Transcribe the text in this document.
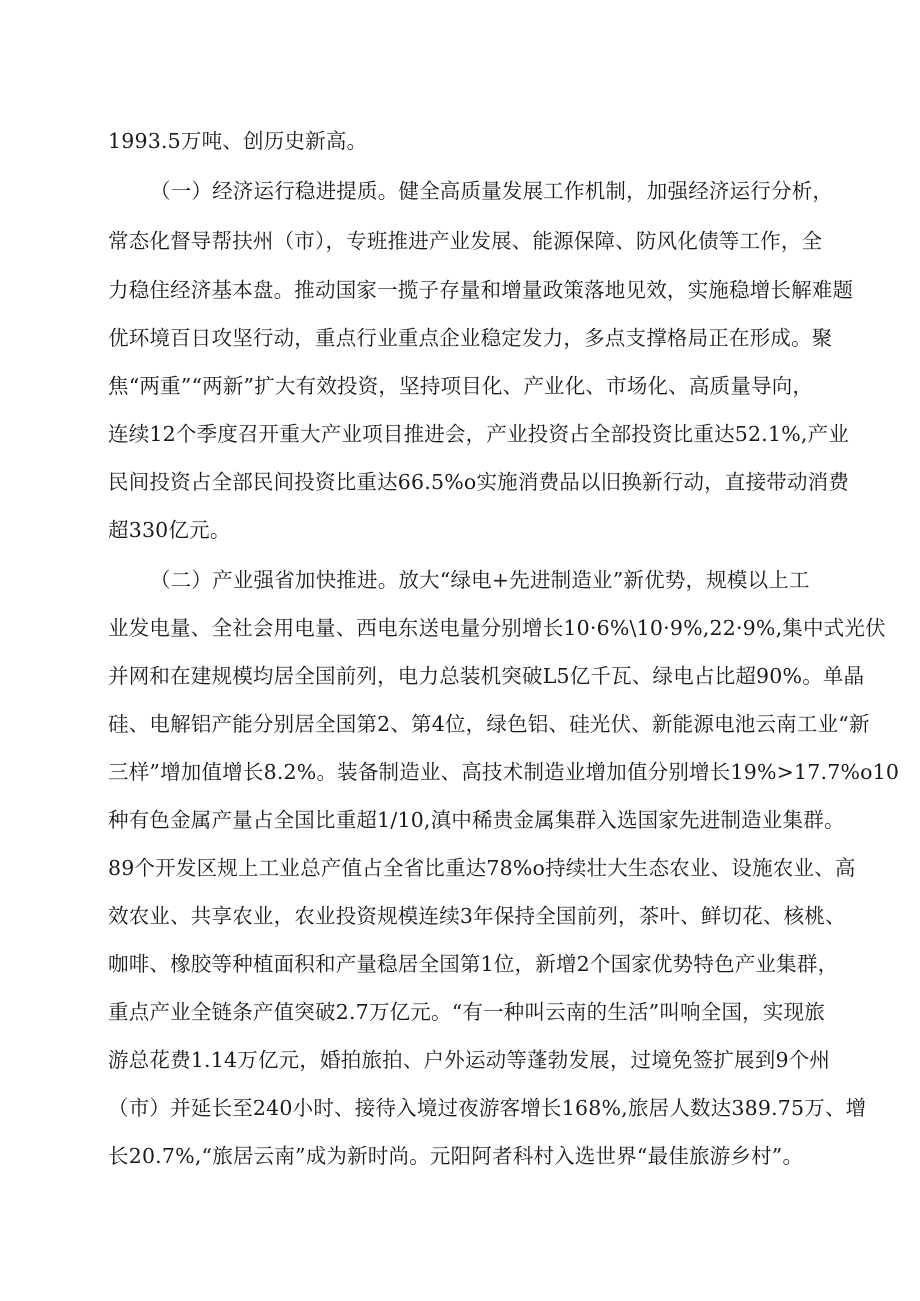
1993.5万吨、创历史新高。
（一）经济运行稳进提质。健全高质量发展工作机制，加强经济运行分析，
常态化督导帮扶州（市），专班推进产业发展、能源保障、防风化债等工作，全
力稳住经济基本盘。推动国家一揽子存量和增量政策落地见效，实施稳增长解难题
优环境百日攻坚行动，重点行业重点企业稳定发力，多点支撑格局正在形成。聚
焦“两重”“两新”扩大有效投资，坚持项目化、产业化、市场化、高质量导向，
连续12个季度召开重大产业项目推进会，产业投资占全部投资比重达52.1%,产业
民间投资占全部民间投资比重达66.5%o实施消费品以旧换新行动，直接带动消费
超330亿元。
（二）产业强省加快推进。放大“绿电+先进制造业”新优势，规模以上工
业发电量、全社会用电量、西电东送电量分别增长10·6%\10·9%,22·9%,集中式光伏
并网和在建规模均居全国前列，电力总装机突破L5亿千瓦、绿电占比超90%。单晶
硅、电解铝产能分别居全国第2、第4位，绿色铝、硅光伏、新能源电池云南工业“新
三样”增加值增长8.2%。装备制造业、高技术制造业增加值分别增长19%>17.7%o10
种有色金属产量占全国比重超1/10,滇中稀贵金属集群入选国家先进制造业集群。
89个开发区规上工业总产值占全省比重达78%o持续壮大生态农业、设施农业、高
效农业、共享农业，农业投资规模连续3年保持全国前列，茶叶、鲜切花、核桃、
咖啡、橡胶等种植面积和产量稳居全国第1位，新增2个国家优势特色产业集群，
重点产业全链条产值突破2.7万亿元。“有一种叫云南的生活”叫响全国，实现旅
游总花费1.14万亿元，婚拍旅拍、户外运动等蓬勃发展，过境免签扩展到9个州
（市）并延长至240小时、接待入境过夜游客增长168%,旅居人数达389.75万、增
长20.7%,“旅居云南”成为新时尚。元阳阿者科村入选世界“最佳旅游乡村”。
